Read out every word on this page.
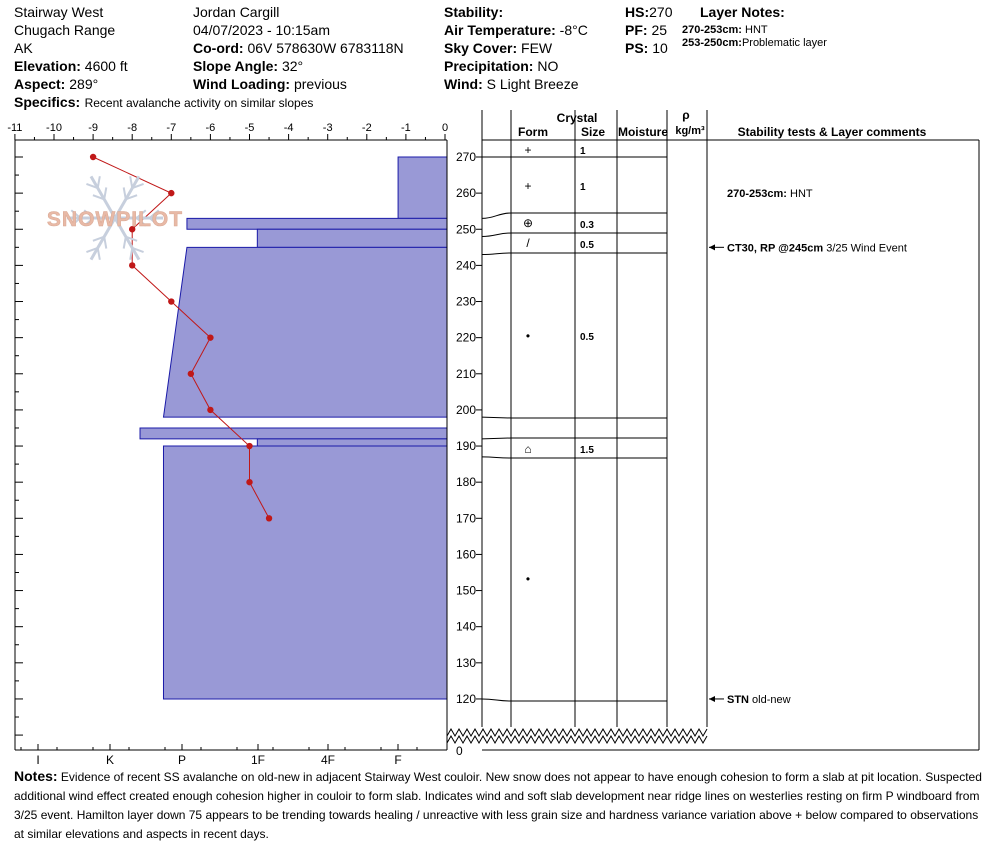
Stairway West
Chugach Range
AK
Elevation: 4600 ft
Aspect: 289°
Specifics: Recent avalanche activity on similar slopes
Jordan Cargill
04/07/2023 - 10:15am
Co-ord: 06V 578630W 6783118N
Slope Angle: 32°
Wind Loading: previous
Stability:
Air Temperature: -8°C
Sky Cover: FEW
Precipitation: NO
Wind: S Light Breeze
HS:270
PF: 25
PS: 10
Layer Notes:
270-253cm: HNT
253-250cm:Problematic layer
-11 -10 -9	-8	-7	-6	-5	-4	-3	-2	-1	0
I	K	P	1F	4F	F
SNOWPILOT
Crystal
Form	Size Moisture
ρ
kg/m³	Stability tests & Layer comments
270
260
250
240
230
220
210
200
190
180
170
160
150
140
130
120
0
+	1
+	1
⊕	0.3
/	0.5
•	0.5
⌂	1.5
•
270-253cm: HNT
CT30, RP @245cm 3/25 Wind Event
STN old-new
Notes: Evidence of recent SS avalanche on old-new in adjacent Stairway West couloir. New snow does not appear to have enough cohesion to form a slab at pit location. Suspected additional wind effect created enough cohesion higher in couloir to form slab. Indicates wind and soft slab development near ridge lines on westerlies resting on firm P windboard from 3/25 event. Hamilton layer down 75 appears to be trending towards healing / unreactive with less grain size and hardness variance variation above + below compared to observations at similar elevations and aspects in recent days.
